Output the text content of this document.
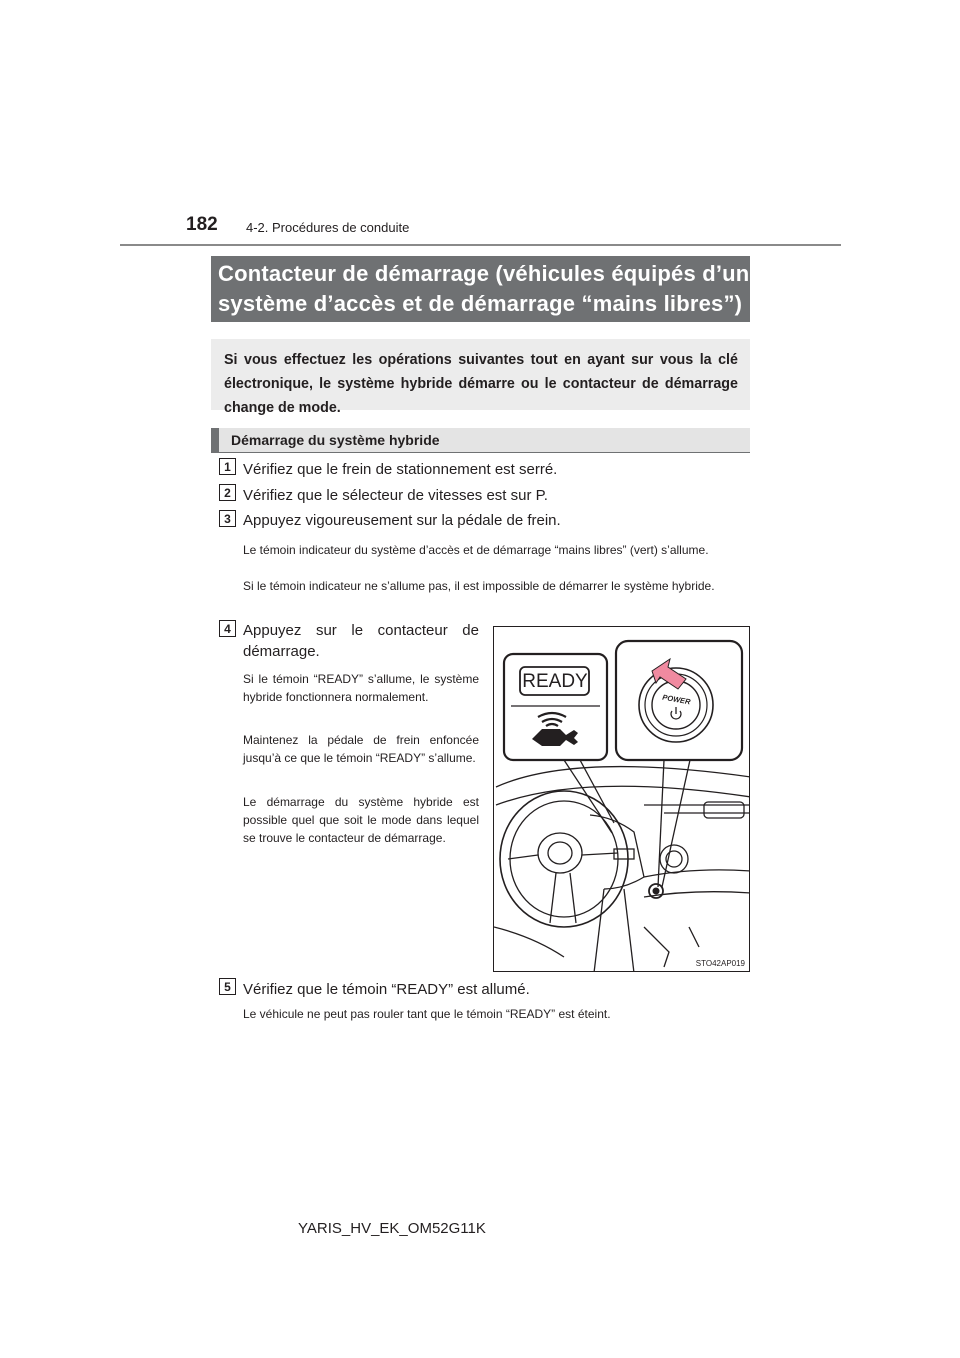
182 4-2. Procédures de conduite
Contacteur de démarrage (véhicules équipés d’un
système d’accès et de démarrage “mains libres”)
Si vous effectuez les opérations suivantes tout en ayant sur vous la clé électronique, le système hybride démarre ou le contacteur de démarrage change de mode.
Démarrage du système hybride
1 Vérifiez que le frein de stationnement est serré.
2 Vérifiez que le sélecteur de vitesses est sur P.
3 Appuyez vigoureusement sur la pédale de frein.
Le témoin indicateur du système d’accès et de démarrage “mains libres” (vert) s’allume.
Si le témoin indicateur ne s’allume pas, il est impossible de démarrer le système hybride.
4 Appuyez sur le contacteur de démarrage.
Si le témoin “READY” s’allume, le système hybride fonctionnera normalement.
Maintenez la pédale de frein enfoncée jusqu’à ce que le témoin “READY” s’allume.
Le démarrage du système hybride est possible quel que soit le mode dans lequel se trouve le contacteur de démarrage.
READY
POWER
STO42AP019
5 Vérifiez que le témoin “READY” est allumé.
Le véhicule ne peut pas rouler tant que le témoin “READY” est éteint.
YARIS_HV_EK_OM52G11K
